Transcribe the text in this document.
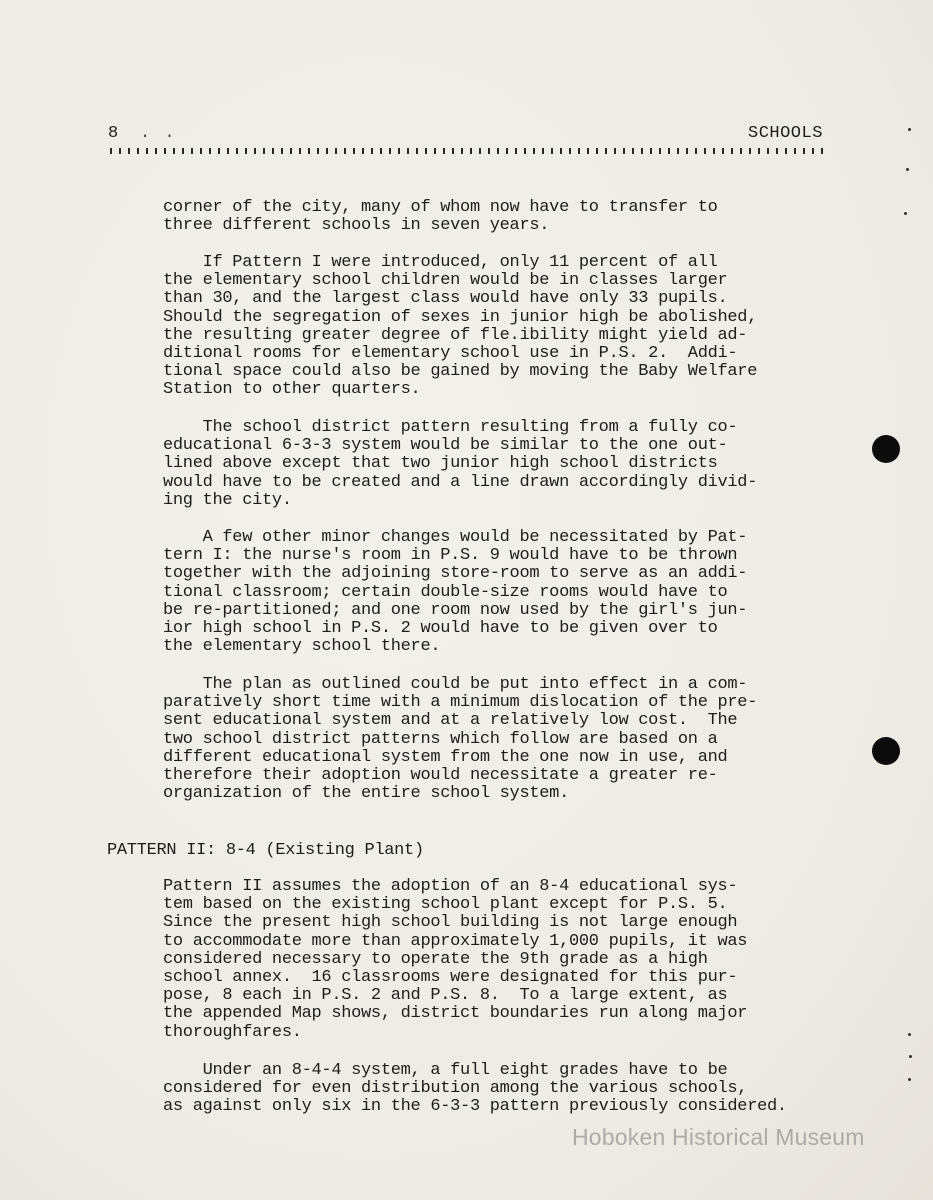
8 . .	SCHOOLS
corner of the city, many of whom now have to transfer to
three different schools in seven years.
If Pattern I were introduced, only 11 percent of all
the elementary school children would be in classes larger
than 30, and the largest class would have only 33 pupils.
Should the segregation of sexes in junior high be abolished,
the resulting greater degree of fle.ibility might yield ad-
ditional rooms for elementary school use in P.S. 2.  Addi-
tional space could also be gained by moving the Baby Welfare
Station to other quarters.
The school district pattern resulting from a fully co-
educational 6-3-3 system would be similar to the one out-
lined above except that two junior high school districts
would have to be created and a line drawn accordingly divid-
ing the city.
A few other minor changes would be necessitated by Pat-
tern I: the nurse's room in P.S. 9 would have to be thrown
together with the adjoining store-room to serve as an addi-
tional classroom; certain double-size rooms would have to
be re-partitioned; and one room now used by the girl's jun-
ior high school in P.S. 2 would have to be given over to
the elementary school there.
The plan as outlined could be put into effect in a com-
paratively short time with a minimum dislocation of the pre-
sent educational system and at a relatively low cost.  The
two school district patterns which follow are based on a
different educational system from the one now in use, and
therefore their adoption would necessitate a greater re-
organization of the entire school system.
PATTERN II: 8-4 (Existing Plant)
Pattern II assumes the adoption of an 8-4 educational sys-
tem based on the existing school plant except for P.S. 5.
Since the present high school building is not large enough
to accommodate more than approximately 1,000 pupils, it was
considered necessary to operate the 9th grade as a high
school annex.  16 classrooms were designated for this pur-
pose, 8 each in P.S. 2 and P.S. 8.  To a large extent, as
the appended Map shows, district boundaries run along major
thoroughfares.
Under an 8-4-4 system, a full eight grades have to be
considered for even distribution among the various schools,
as against only six in the 6-3-3 pattern previously considered.
Hoboken Historical Museum
